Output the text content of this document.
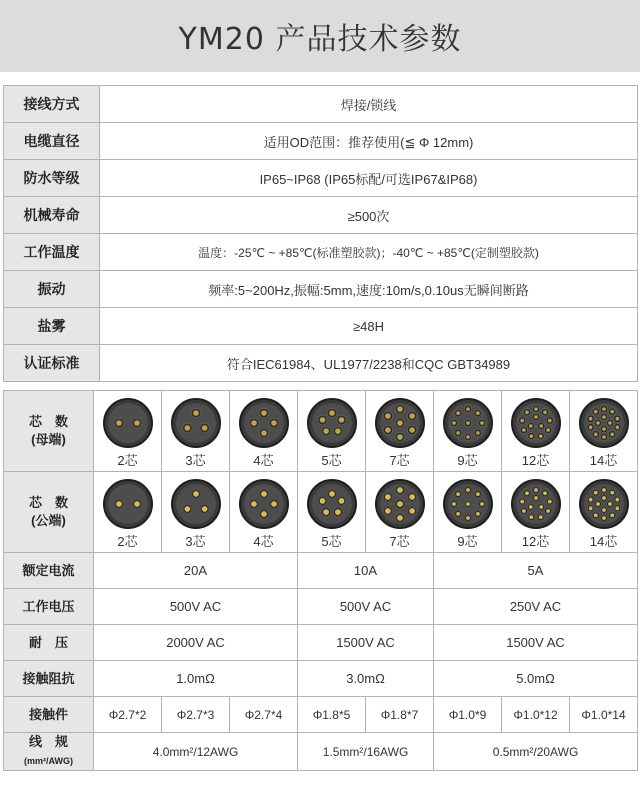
YM20 产品技术参数
接线方式	焊接/锁线
电缆直径	适用OD范围：推荐使用(≦ Φ 12mm)
防水等级	IP65~IP68 (IP65标配/可选IP67&IP68)
机械寿命	≥500次
工作温度	温度：-25℃ ~ +85℃(标准塑胶款)；-40℃ ~ +85℃(定制塑胶款)
振动	频率:5~200Hz,振幅:5mm,速度:10m/s,0.10us无瞬间断路
盐雾	≥48H
认证标准	符合IEC61984、UL1977/2238和CQC GBT34989
芯　数
(母端)	2芯	3芯	4芯	5芯	7芯	9芯	12芯	14芯

芯　数
(公端)	2芯	3芯	4芯	5芯	7芯	9芯	12芯	14芯

额定电流	20A			10A		5A		
工作电压	500V AC			500V AC		250V AC		
耐　压	2000V AC			1500V AC		1500V AC		
接触阻抗	1.0mΩ			3.0mΩ		5.0mΩ		
接触件	Φ2.7*2	Φ2.7*3	Φ2.7*4	Φ1.8*5	Φ1.8*7	Φ1.0*9	Φ1.0*12	Φ1.0*14
线　规
(mm²/AWG)	4.0mm²/12AWG			1.5mm²/16AWG		0.5mm²/20AWG		
